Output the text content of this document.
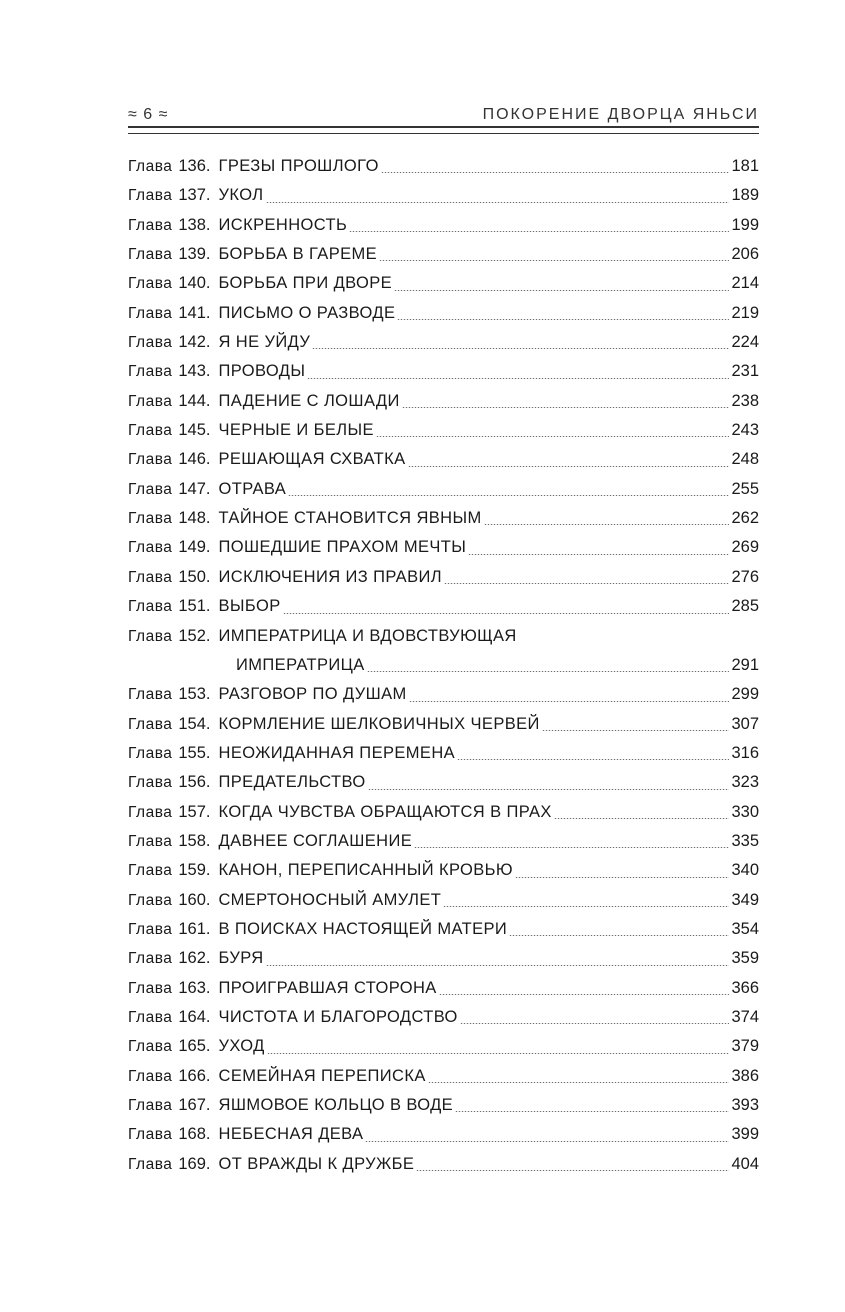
≈ 6 ≈	ПОКОРЕНИЕ ДВОРЦА ЯНЬСИ
Глава 136. ГРЕЗЫ ПРОШЛОГО	181
Глава 137. УКОЛ	189
Глава 138. ИСКРЕННОСТЬ	199
Глава 139. БОРЬБА В ГАРЕМЕ	206
Глава 140. БОРЬБА ПРИ ДВОРЕ	214
Глава 141. ПИСЬМО О РАЗВОДЕ	219
Глава 142. Я НЕ УЙДУ	224
Глава 143. ПРОВОДЫ	231
Глава 144. ПАДЕНИЕ С ЛОШАДИ	238
Глава 145. ЧЕРНЫЕ И БЕЛЫЕ	243
Глава 146. РЕШАЮЩАЯ СХВАТКА	248
Глава 147. ОТРАВА	255
Глава 148. ТАЙНОЕ СТАНОВИТСЯ ЯВНЫМ	262
Глава 149. ПОШЕДШИЕ ПРАХОМ МЕЧТЫ	269
Глава 150. ИСКЛЮЧЕНИЯ ИЗ ПРАВИЛ	276
Глава 151. ВЫБОР	285
Глава 152. ИМПЕРАТРИЦА И ВДОВСТВУЮЩАЯ
ИМПЕРАТРИЦА	291
Глава 153. РАЗГОВОР ПО ДУШАМ	299
Глава 154. КОРМЛЕНИЕ ШЕЛКОВИЧНЫХ ЧЕРВЕЙ	307
Глава 155. НЕОЖИДАННАЯ ПЕРЕМЕНА	316
Глава 156. ПРЕДАТЕЛЬСТВО	323
Глава 157. КОГДА ЧУВСТВА ОБРАЩАЮТСЯ В ПРАХ	330
Глава 158. ДАВНЕЕ СОГЛАШЕНИЕ	335
Глава 159. КАНОН, ПЕРЕПИСАННЫЙ КРОВЬЮ	340
Глава 160. СМЕРТОНОСНЫЙ АМУЛЕТ	349
Глава 161. В ПОИСКАХ НАСТОЯЩЕЙ МАТЕРИ	354
Глава 162. БУРЯ	359
Глава 163. ПРОИГРАВШАЯ СТОРОНА	366
Глава 164. ЧИСТОТА И БЛАГОРОДСТВО	374
Глава 165. УХОД	379
Глава 166. СЕМЕЙНАЯ ПЕРЕПИСКА	386
Глава 167. ЯШМОВОЕ КОЛЬЦО В ВОДЕ	393
Глава 168. НЕБЕСНАЯ ДЕВА	399
Глава 169. ОТ ВРАЖДЫ К ДРУЖБЕ	404
